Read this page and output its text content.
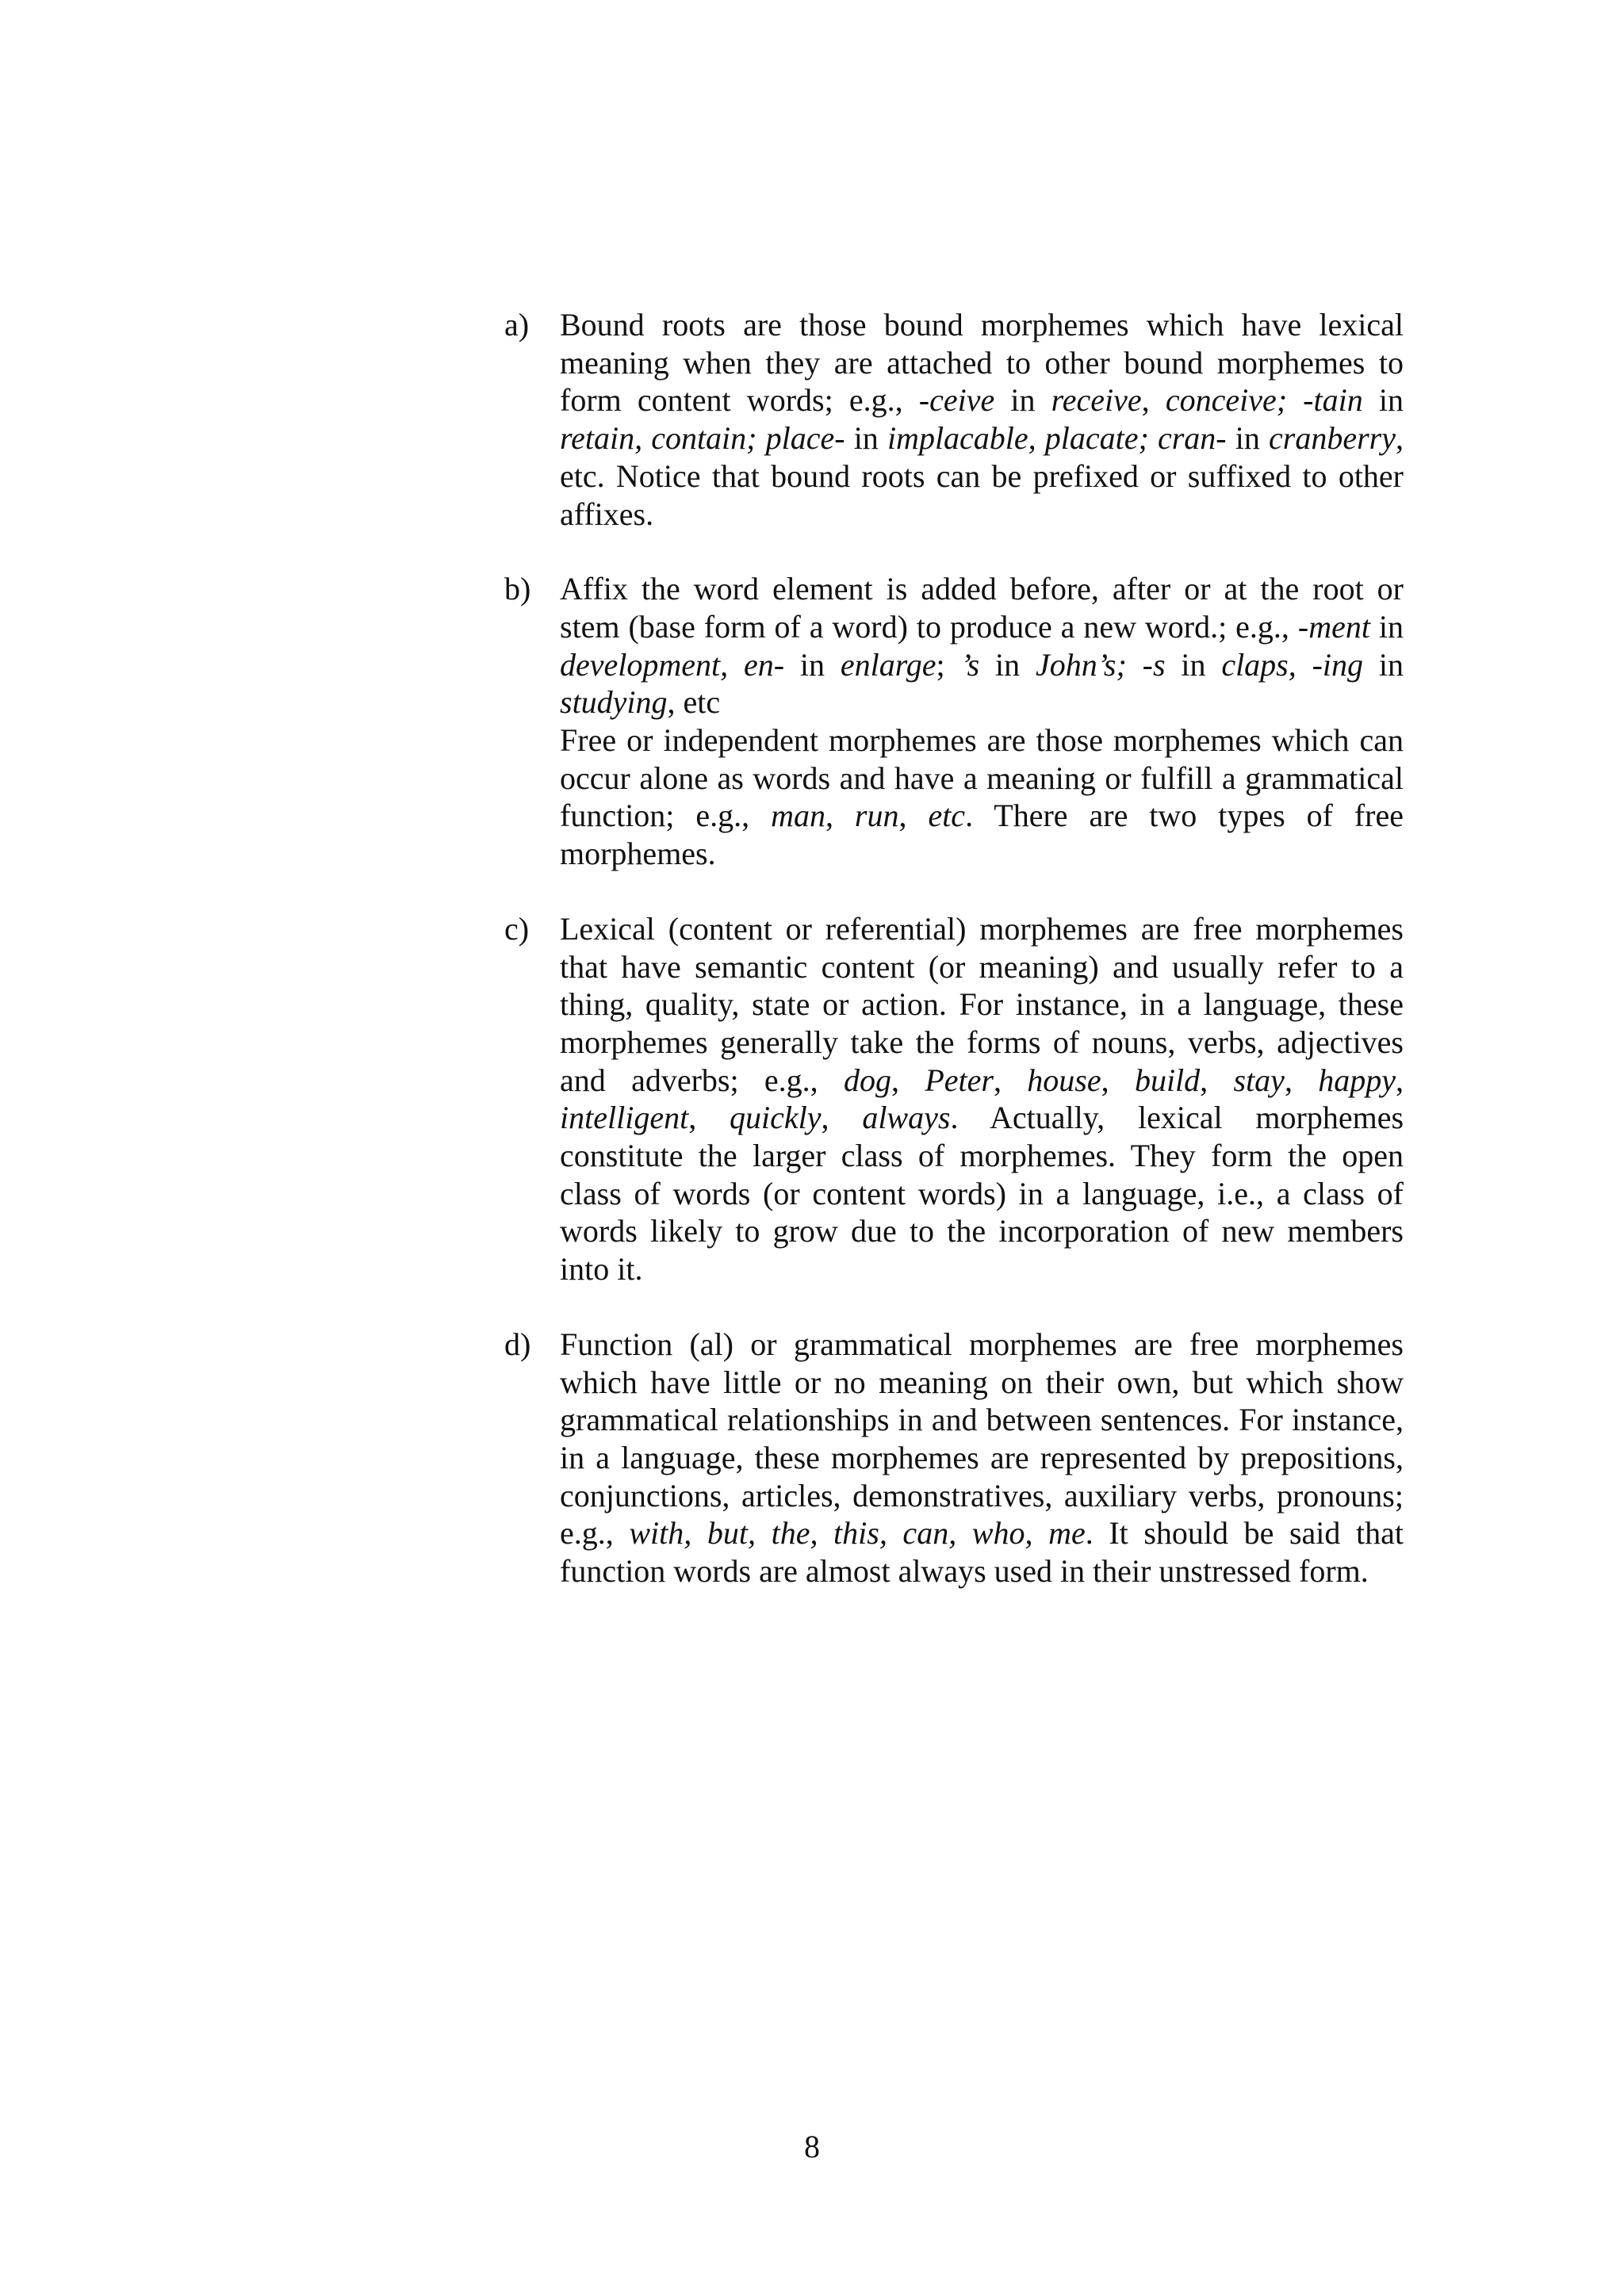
a) Bound roots are those bound morphemes which have lexical meaning when they are attached to other bound morphemes to form content words; e.g., -ceive in receive, conceive; -tain in retain, contain; place- in implacable, placate; cran- in cranberry, etc. Notice that bound roots can be prefixed or suffixed to other affixes.

b) Affix the word element is added before, after or at the root or stem (base form of a word) to produce a new word.; e.g., -ment in development, en- in enlarge; ’s in John’s; -s in claps, -ing in studying, etc

Free or independent morphemes are those morphemes which can occur alone as words and have a meaning or fulfill a grammatical function; e.g., man, run, etc. There are two types of free morphemes.

c) Lexical (content or referential) morphemes are free morphemes that have semantic content (or meaning) and usually refer to a thing, quality, state or action. For instance, in a language, these morphemes generally take the forms of nouns, verbs, adjectives and adverbs; e.g., dog, Peter, house, build, stay, happy, intelligent, quickly, always. Actually, lexical morphemes constitute the larger class of morphemes. They form the open class of words (or content words) in a language, i.e., a class of words likely to grow due to the incorporation of new members into it.

d) Function (al) or grammatical morphemes are free morphemes which have little or no meaning on their own, but which show grammatical relationships in and between sentences. For instance, in a language, these morphemes are represented by prepositions, conjunctions, articles, demonstratives, auxiliary verbs, pronouns; e.g., with, but, the, this, can, who, me. It should be said that function words are almost always used in their unstressed form.

8
